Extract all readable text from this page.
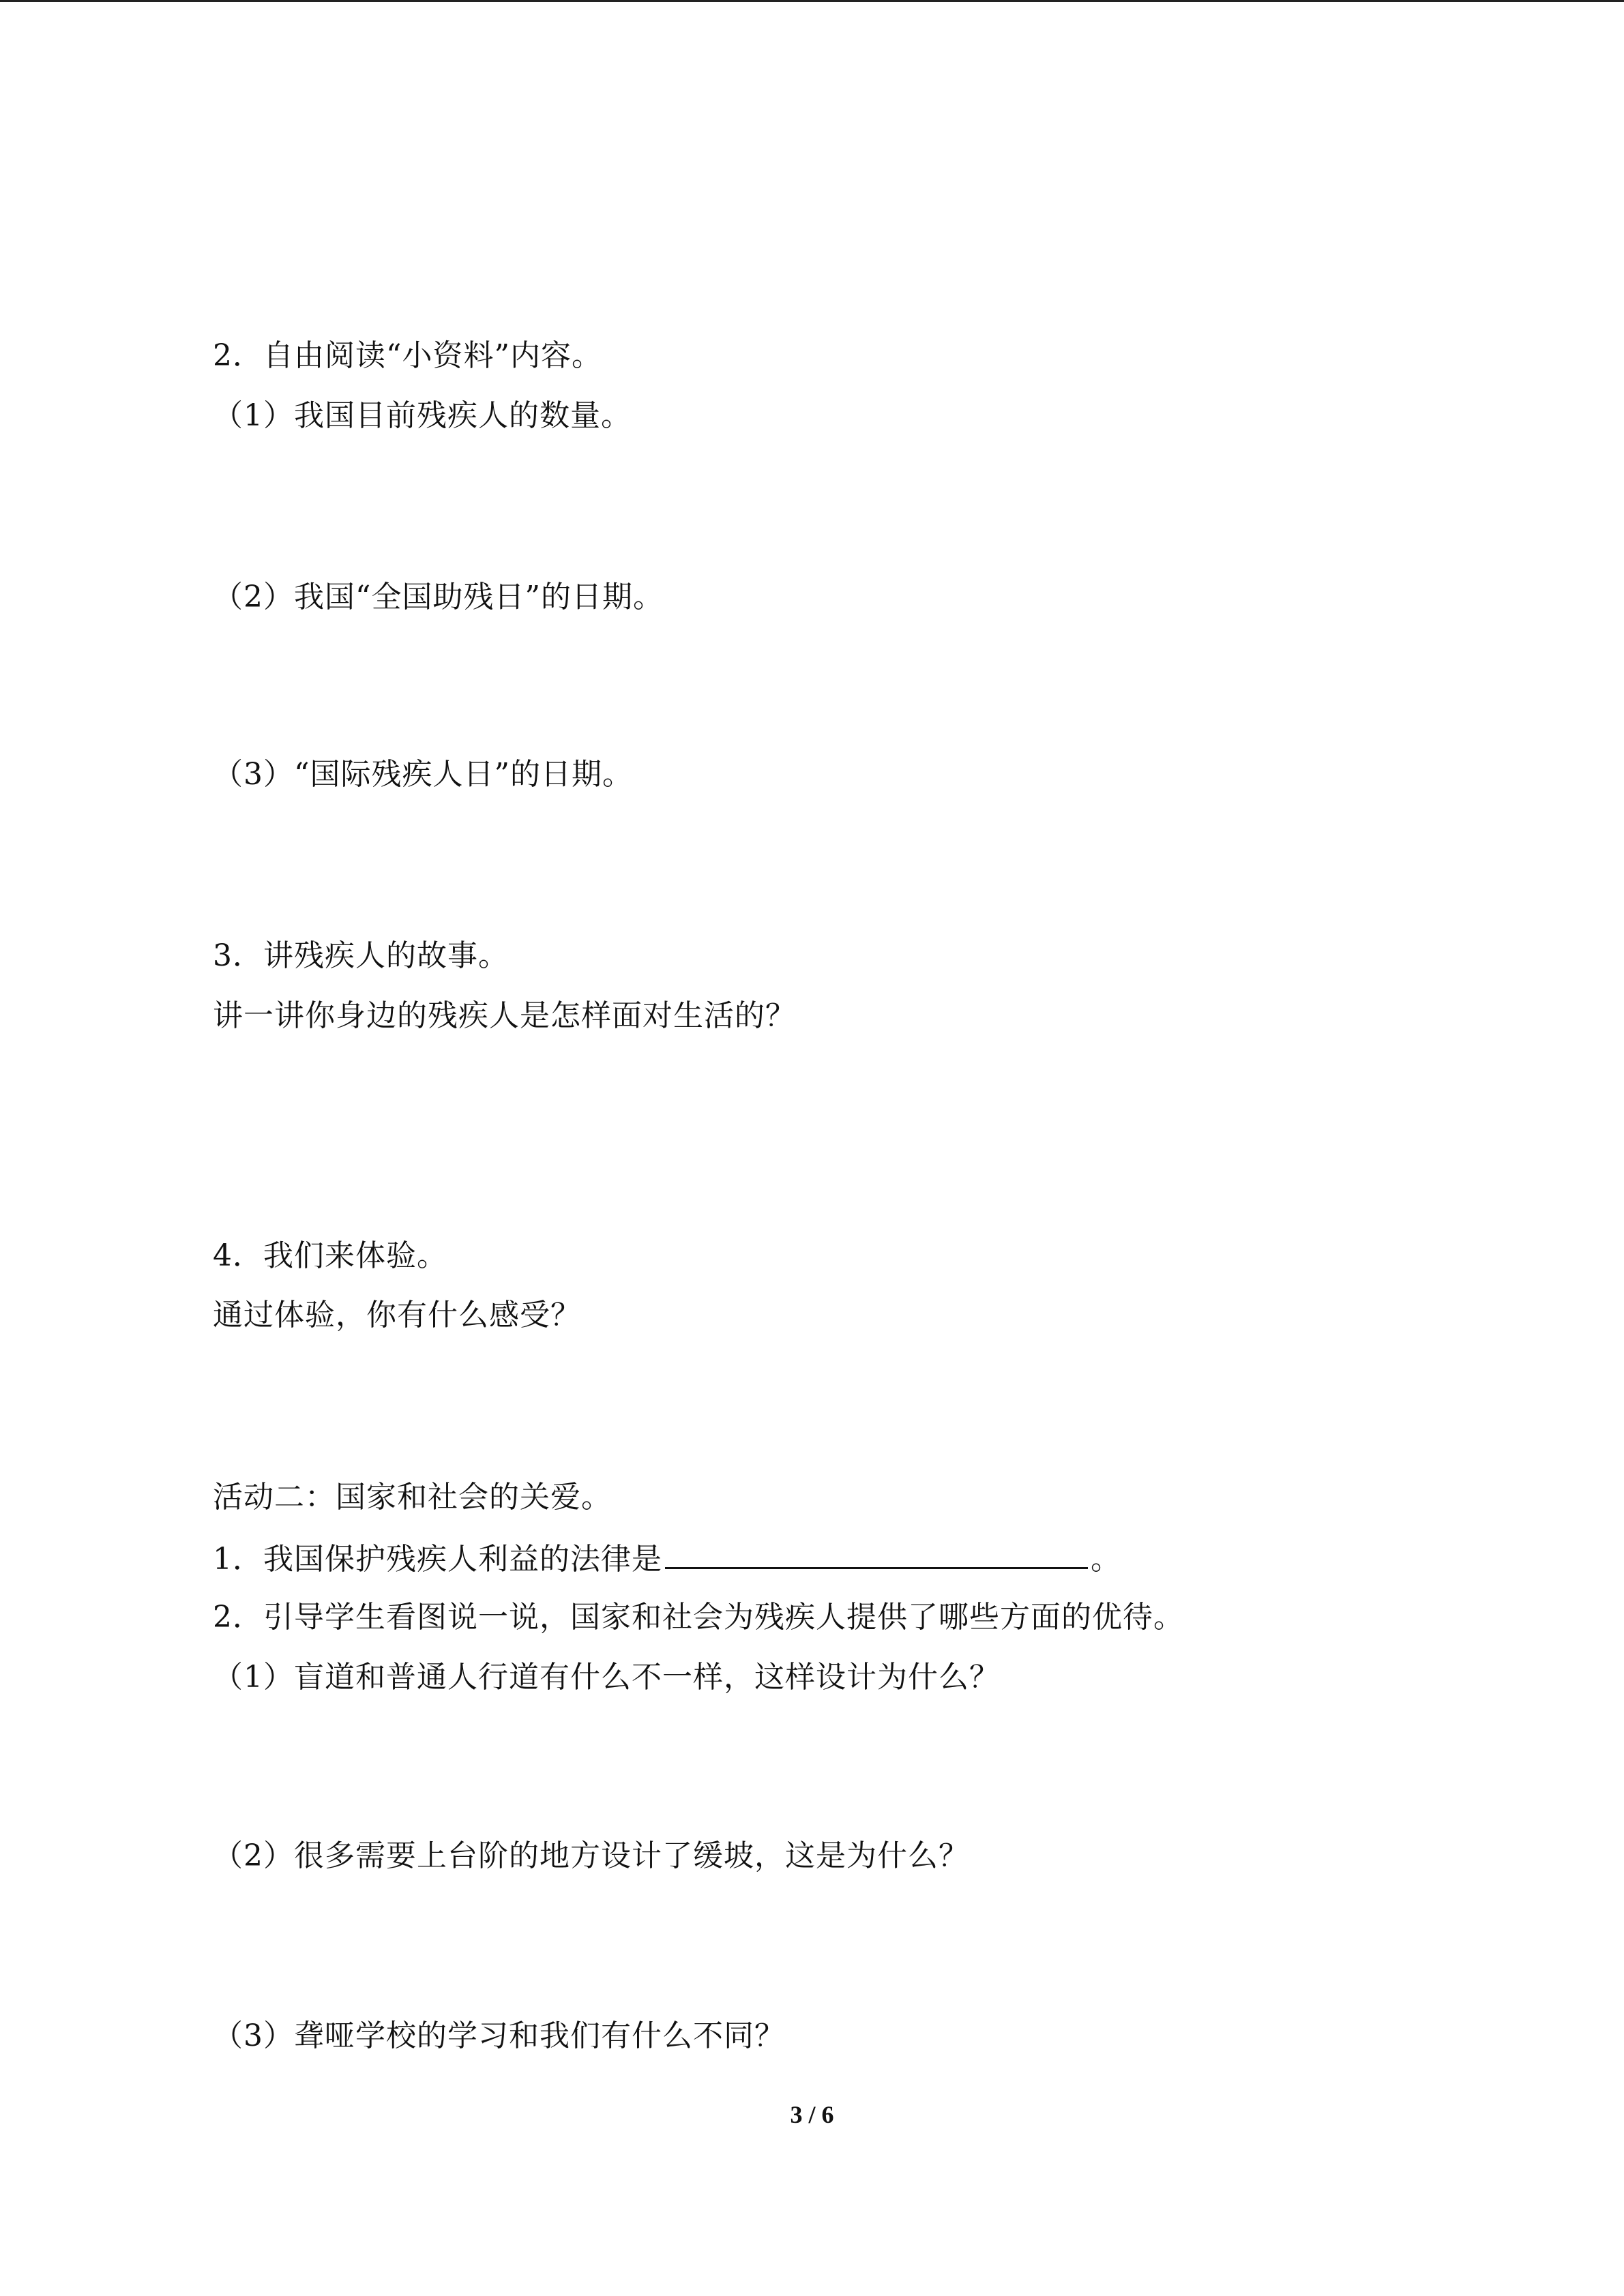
2．自由阅读“小资料”内容。
（1）我国目前残疾人的数量。
（2）我国“全国助残日”的日期。
（3）“国际残疾人日”的日期。
3．讲残疾人的故事。
讲一讲你身边的残疾人是怎样面对生活的？
4．我们来体验。
通过体验，你有什么感受？
活动二：国家和社会的关爱。
1．我国保护残疾人利益的法律是	。
2．引导学生看图说一说，国家和社会为残疾人提供了哪些方面的优待。
（1）盲道和普通人行道有什么不一样，这样设计为什么？
（2）很多需要上台阶的地方设计了缓坡，这是为什么？
（3）聋哑学校的学习和我们有什么不同？
3 / 6
